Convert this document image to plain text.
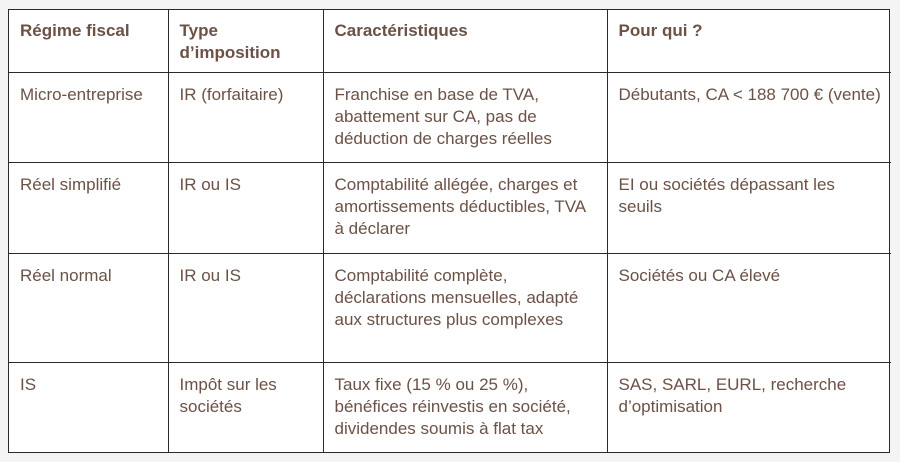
Régime fiscal	Type d’imposition	Caractéristiques	Pour qui ?
Micro-entreprise	IR (forfaitaire)	Franchise en base de TVA, abattement sur CA, pas de déduction de charges réelles	Débutants, CA < 188 700 € (vente)
Réel simplifié	IR ou IS	Comptabilité allégée, charges et amortissements déductibles, TVA à déclarer	EI ou sociétés dépassant les seuils
Réel normal	IR ou IS	Comptabilité complète, déclarations mensuelles, adapté aux structures plus complexes	Sociétés ou CA élevé
IS	Impôt sur les sociétés	Taux fixe (15 % ou 25 %), bénéfices réinvestis en société, dividendes soumis à flat tax	SAS, SARL, EURL, recherche d’optimisation
